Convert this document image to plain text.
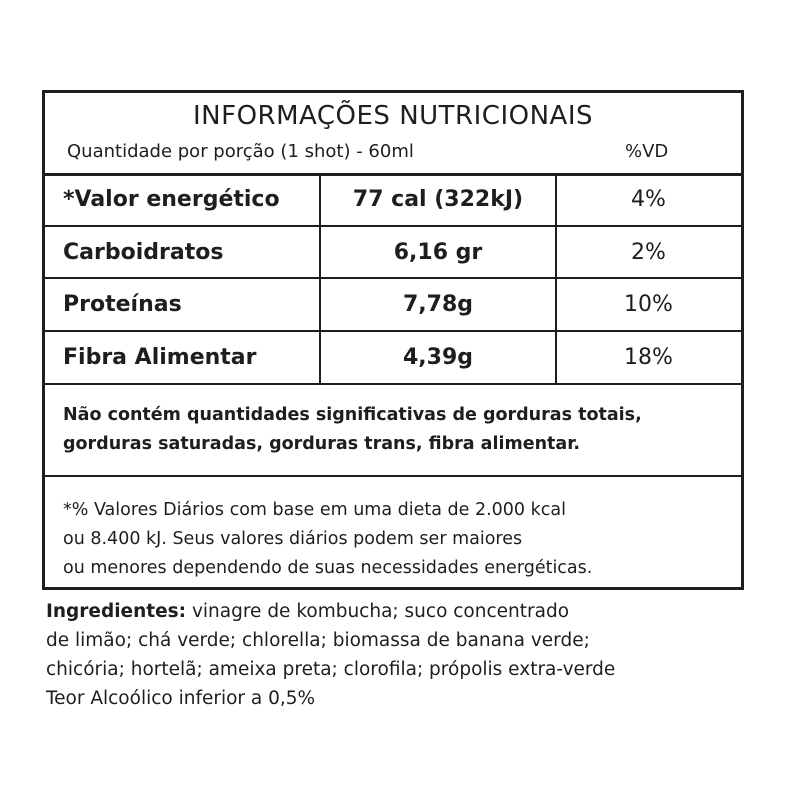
INFORMAÇÕES NUTRICIONAIS
Quantidade por porção (1 shot) - 60ml	%VD
*Valor energético	77 cal (322kJ)	4%
Carboidratos	6,16 gr	2%
Proteínas	7,78g	10%
Fibra Alimentar	4,39g	18%
Não contém quantidades significativas de gorduras totais,
gorduras saturadas, gorduras trans, fibra alimentar.
*% Valores Diários com base em uma dieta de 2.000 kcal
ou 8.400 kJ. Seus valores diários podem ser maiores
ou menores dependendo de suas necessidades energéticas.
Ingredientes: vinagre de kombucha; suco concentrado
de limão; chá verde; chlorella; biomassa de banana verde;
chicória; hortelã; ameixa preta; clorofila; própolis extra-verde
Teor Alcoólico inferior a 0,5%
